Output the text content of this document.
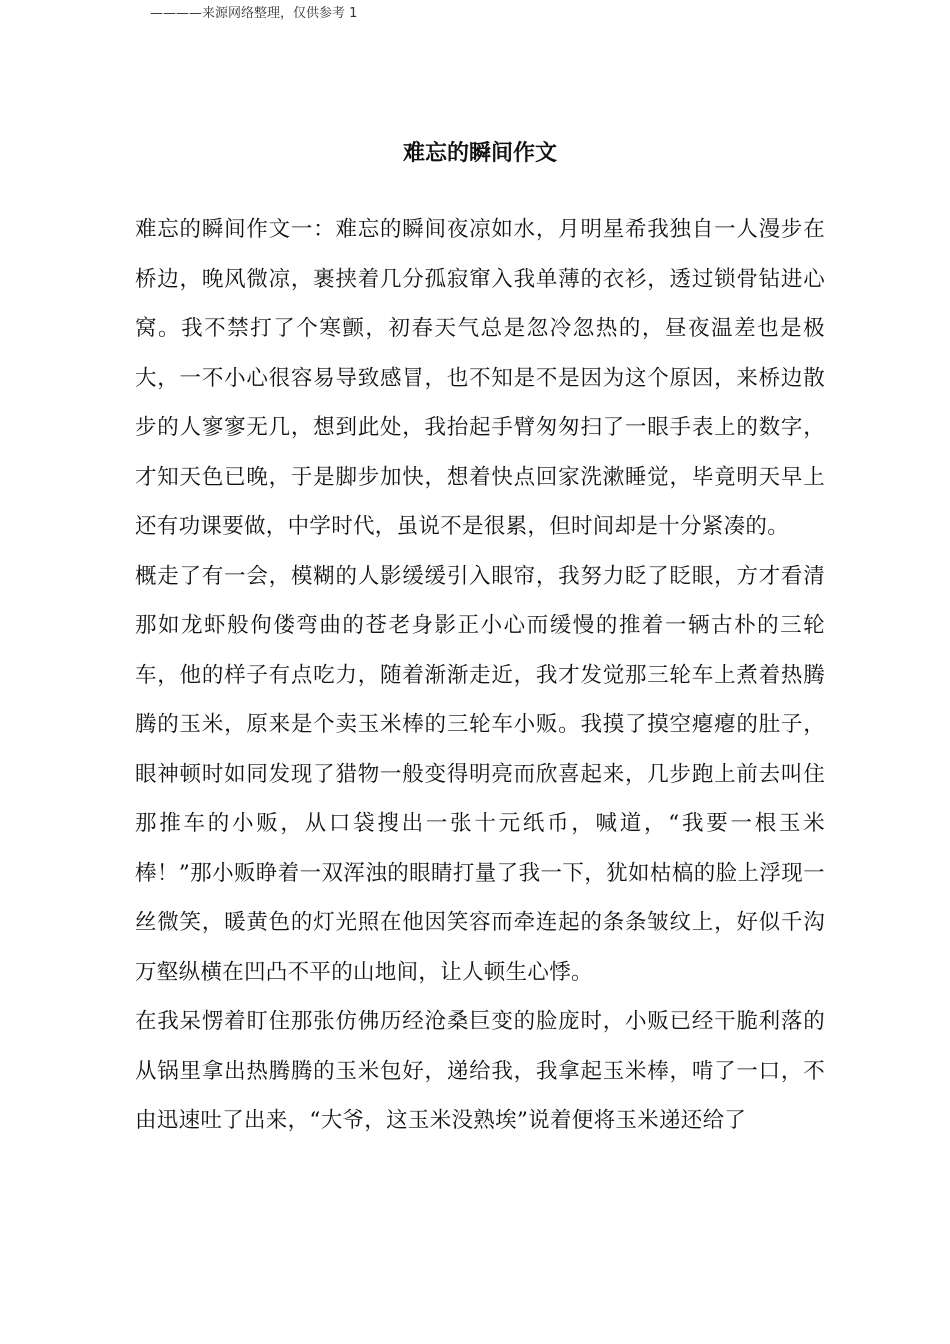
————来源网络整理，仅供参考 1
难忘的瞬间作文

难忘的瞬间作文一：难忘的瞬间夜凉如水，月明星希我独自一人漫步在桥边，晚风微凉，裹挟着几分孤寂窜入我单薄的衣衫，透过锁骨钻进心窝。我不禁打了个寒颤，初春天气总是忽冷忽热的，昼夜温差也是极大，一不小心很容易导致感冒，也不知是不是因为这个原因，来桥边散步的人寥寥无几，想到此处，我抬起手臂匆匆扫了一眼手表上的数字，才知天色已晚，于是脚步加快，想着快点回家洗漱睡觉，毕竟明天早上还有功课要做，中学时代，虽说不是很累，但时间却是十分紧凑的。

概走了有一会，模糊的人影缓缓引入眼帘，我努力眨了眨眼，方才看清那如龙虾般佝偻弯曲的苍老身影正小心而缓慢的推着一辆古朴的三轮车，他的样子有点吃力，随着渐渐走近，我才发觉那三轮车上煮着热腾腾的玉米，原来是个卖玉米棒的三轮车小贩。我摸了摸空瘪瘪的肚子，眼神顿时如同发现了猎物一般变得明亮而欣喜起来，几步跑上前去叫住那推车的小贩，从口袋搜出一张十元纸币，喊道，“我要一根玉米棒！”那小贩睁着一双浑浊的眼睛打量了我一下，犹如枯槁的脸上浮现一丝微笑，暖黄色的灯光照在他因笑容而牵连起的条条皱纹上，好似千沟万壑纵横在凹凸不平的山地间，让人顿生心悸。

在我呆愣着盯住那张仿佛历经沧桑巨变的脸庞时，小贩已经干脆利落的从锅里拿出热腾腾的玉米包好，递给我，我拿起玉米棒，啃了一口，不由迅速吐了出来，“大爷，这玉米没熟埃”说着便将玉米递还给了
